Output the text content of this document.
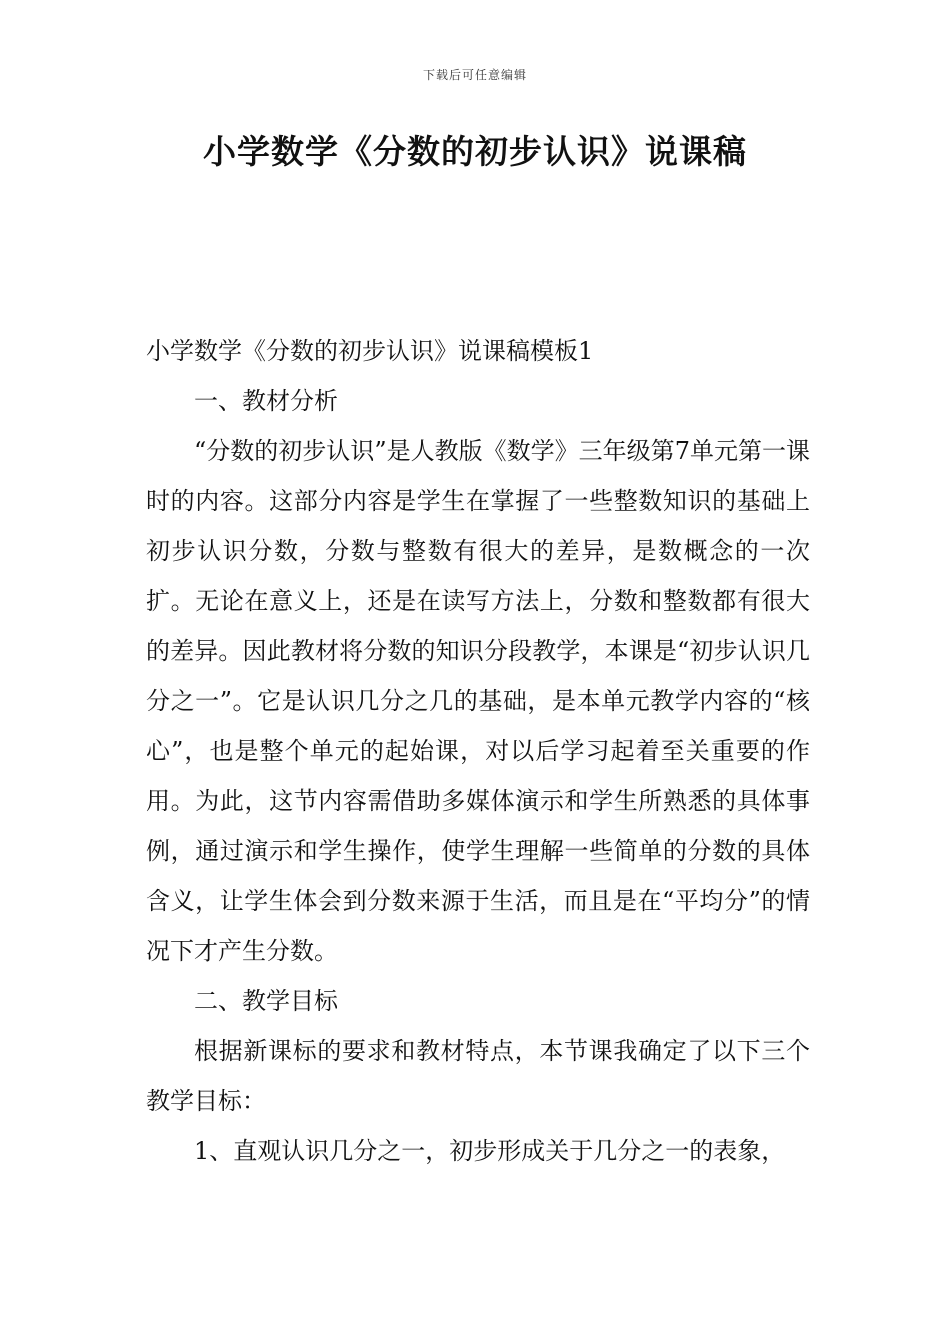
下载后可任意编辑
小学数学《分数的初步认识》说课稿

小学数学《分数的初步认识》说课稿模板1

一、教材分析

“分数的初步认识”是人教版《数学》三年级第7单元第一课时的内容。这部分内容是学生在掌握了一些整数知识的基础上初步认识分数，分数与整数有很大的差异，是数概念的一次扩。无论在意义上，还是在读写方法上，分数和整数都有很大的差异。因此教材将分数的知识分段教学，本课是“初步认识几分之一”。它是认识几分之几的基础，是本单元教学内容的“核心”，也是整个单元的起始课，对以后学习起着至关重要的作用。为此，这节内容需借助多媒体演示和学生所熟悉的具体事例，通过演示和学生操作，使学生理解一些简单的分数的具体含义，让学生体会到分数来源于生活，而且是在“平均分”的情况下才产生分数。

二、教学目标

根据新课标的要求和教材特点，本节课我确定了以下三个教学目标：

1、直观认识几分之一，初步形成关于几分之一的表象，
